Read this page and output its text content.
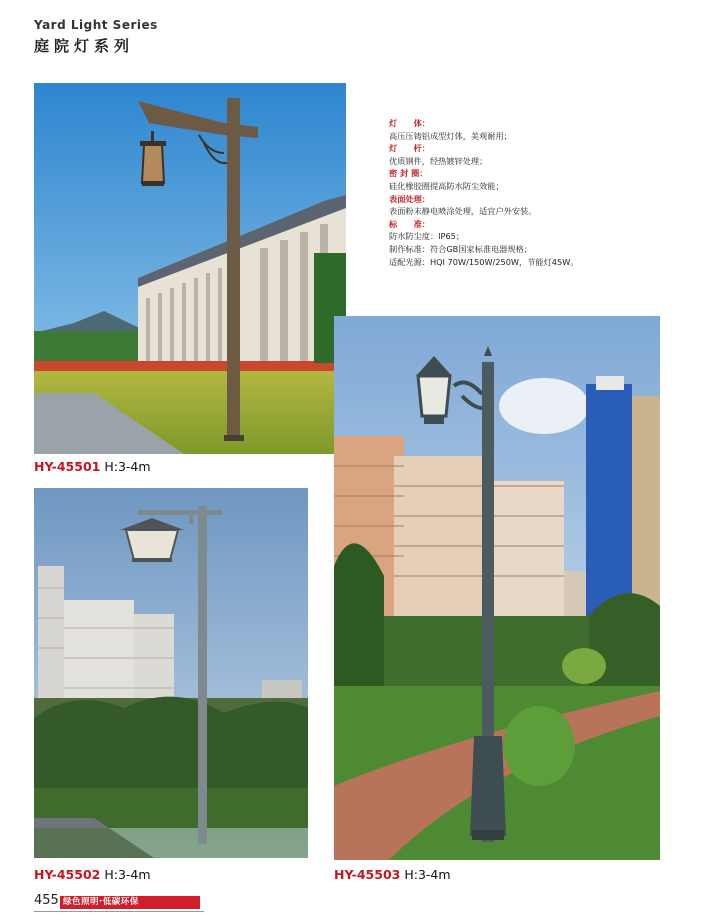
Yard Light Series
庭院灯系列
HY-45501 H:3-4m
灯　　体：
高压压铸铝成型灯体，美观耐用；
灯　　杆：
优质钢件，经热镀锌处理；
密 封 圈：
硅化橡胶圈提高防水防尘效能；
表面处理：
表面粉末静电喷涂处理，适宜户外安装。
标　　准：
防水防尘度：IP65；
制作标准：符合GB国家标准电器规格；
适配光源：HQI 70W/150W/250W，节能灯45W。
HY-45502 H:3-4m	HY-45503 H:3-4m
455 绿色照明·低碳环保
